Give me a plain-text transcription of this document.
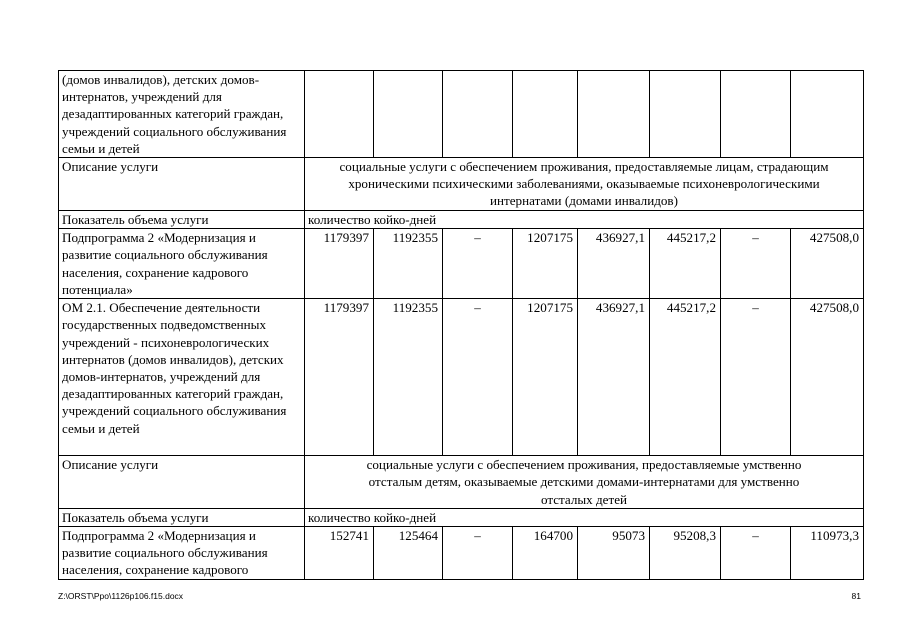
(домов инвалидов), детских домов-интернатов, учреждений для дезадаптированных категорий граждан, учреждений социального обслуживания семьи и детей								
Описание услуги	социальные услуги с обеспечением проживания, предоставляемые лицам, страдающим хроническими психическими заболеваниями, оказываемые психоневрологическими интернатами (домами инвалидов)							
Показатель объема услуги	количество койко-дней							
Подпрограмма 2 «Модернизация и развитие социального обслуживания населения, сохранение кадрового потенциала»	1179397	1192355	–	1207175	436927,1	445217,2	–	427508,0
ОМ 2.1. Обеспечение деятельности государственных подведомственных учреждений - психоневрологических интернатов (домов инвалидов), детских домов-интернатов, учреждений для дезадаптированных категорий граждан, учреждений социального обслуживания семьи и детей	1179397	1192355	–	1207175	436927,1	445217,2	–	427508,0
Описание услуги	социальные услуги с обеспечением проживания, предоставляемые умственно отсталым детям, оказываемые детскими домами-интернатами для умственно отсталых детей							
Показатель объема услуги	количество койко-дней							
Подпрограмма 2 «Модернизация и развитие социального обслуживания населения, сохранение кадрового	152741	125464	–	164700	95073	95208,3	–	110973,3
Z:\ORST\Ppo\1126p106.f15.docx	81
